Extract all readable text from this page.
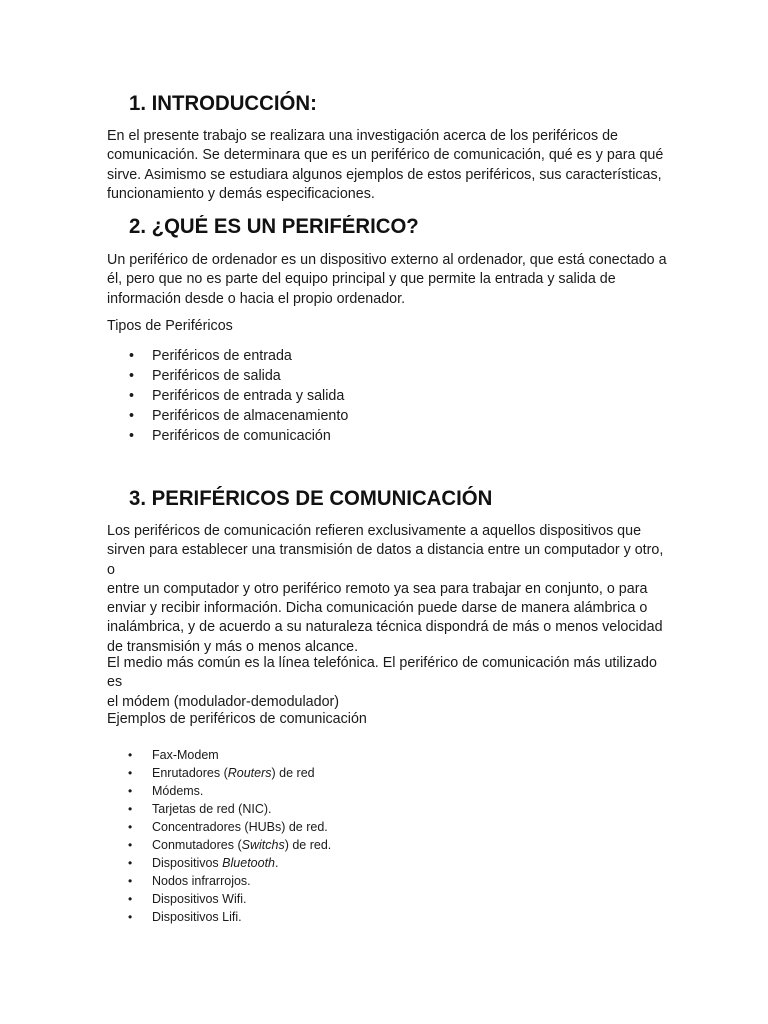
1. INTRODUCCIÓN:

En el presente trabajo se realizara una investigación acerca de los periféricos de
comunicación. Se determinara que es un periférico de comunicación, qué es y para qué
sirve. Asimismo se estudiara algunos ejemplos de estos periféricos, sus características,
funcionamiento y demás especificaciones.

2. ¿QUÉ ES UN PERIFÉRICO?

Un periférico de ordenador es un dispositivo externo al ordenador, que está conectado a
él, pero que no es parte del equipo principal y que permite la entrada y salida de
información desde o hacia el propio ordenador.

Tipos de Periféricos

• Periféricos de entrada
• Periféricos de salida
• Periféricos de entrada y salida
• Periféricos de almacenamiento
• Periféricos de comunicación
3. PERIFÉRICOS DE COMUNICACIÓN

Los periféricos de comunicación refieren exclusivamente a aquellos dispositivos que
sirven para establecer una transmisión de datos a distancia entre un computador y otro, o
entre un computador y otro periférico remoto ya sea para trabajar en conjunto, o para
enviar y recibir información. Dicha comunicación puede darse de manera alámbrica o
inalámbrica, y de acuerdo a su naturaleza técnica dispondrá de más o menos velocidad
de transmisión y más o menos alcance.

El medio más común es la línea telefónica. El periférico de comunicación más utilizado es
el módem (modulador-demodulador)

Ejemplos de periféricos de comunicación

• Fax-Modem
• Enrutadores (Routers) de red
• Módems.
• Tarjetas de red (NIC).
• Concentradores (HUBs) de red.
• Conmutadores (Switchs) de red.
• Dispositivos Bluetooth.
• Nodos infrarrojos.
• Dispositivos Wifi.
• Dispositivos Lifi.
